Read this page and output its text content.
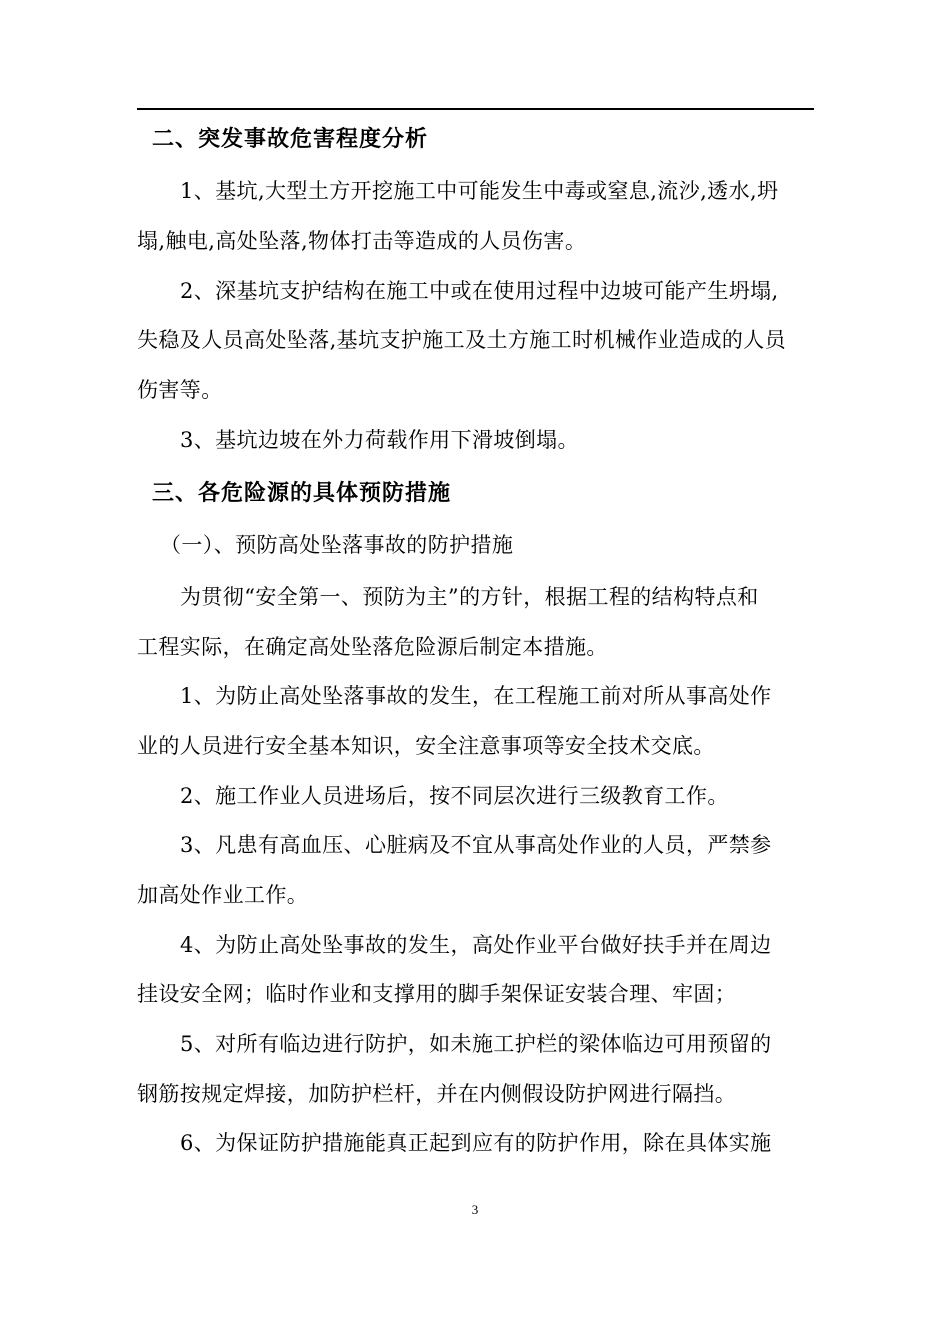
二、突发事故危害程度分析
1、基坑,大型土方开挖施工中可能发生中毒或窒息,流沙,透水,坍
塌,触电,高处坠落,物体打击等造成的人员伤害。
2、深基坑支护结构在施工中或在使用过程中边坡可能产生坍塌,
失稳及人员高处坠落,基坑支护施工及土方施工时机械作业造成的人员
伤害等。
3、基坑边坡在外力荷载作用下滑坡倒塌。
三、各危险源的具体预防措施
（一）、预防高处坠落事故的防护措施
为贯彻“安全第一、预防为主”的方针，根据工程的结构特点和
工程实际，在确定高处坠落危险源后制定本措施。
1、为防止高处坠落事故的发生，在工程施工前对所从事高处作
业的人员进行安全基本知识，安全注意事项等安全技术交底。
2、施工作业人员进场后，按不同层次进行三级教育工作。
3、凡患有高血压、心脏病及不宜从事高处作业的人员，严禁参
加高处作业工作。
4、为防止高处坠事故的发生，高处作业平台做好扶手并在周边
挂设安全网；临时作业和支撑用的脚手架保证安装合理、牢固；
5、对所有临边进行防护，如未施工护栏的梁体临边可用预留的
钢筋按规定焊接，加防护栏杆，并在内侧假设防护网进行隔挡。
6、为保证防护措施能真正起到应有的防护作用，除在具体实施
3
